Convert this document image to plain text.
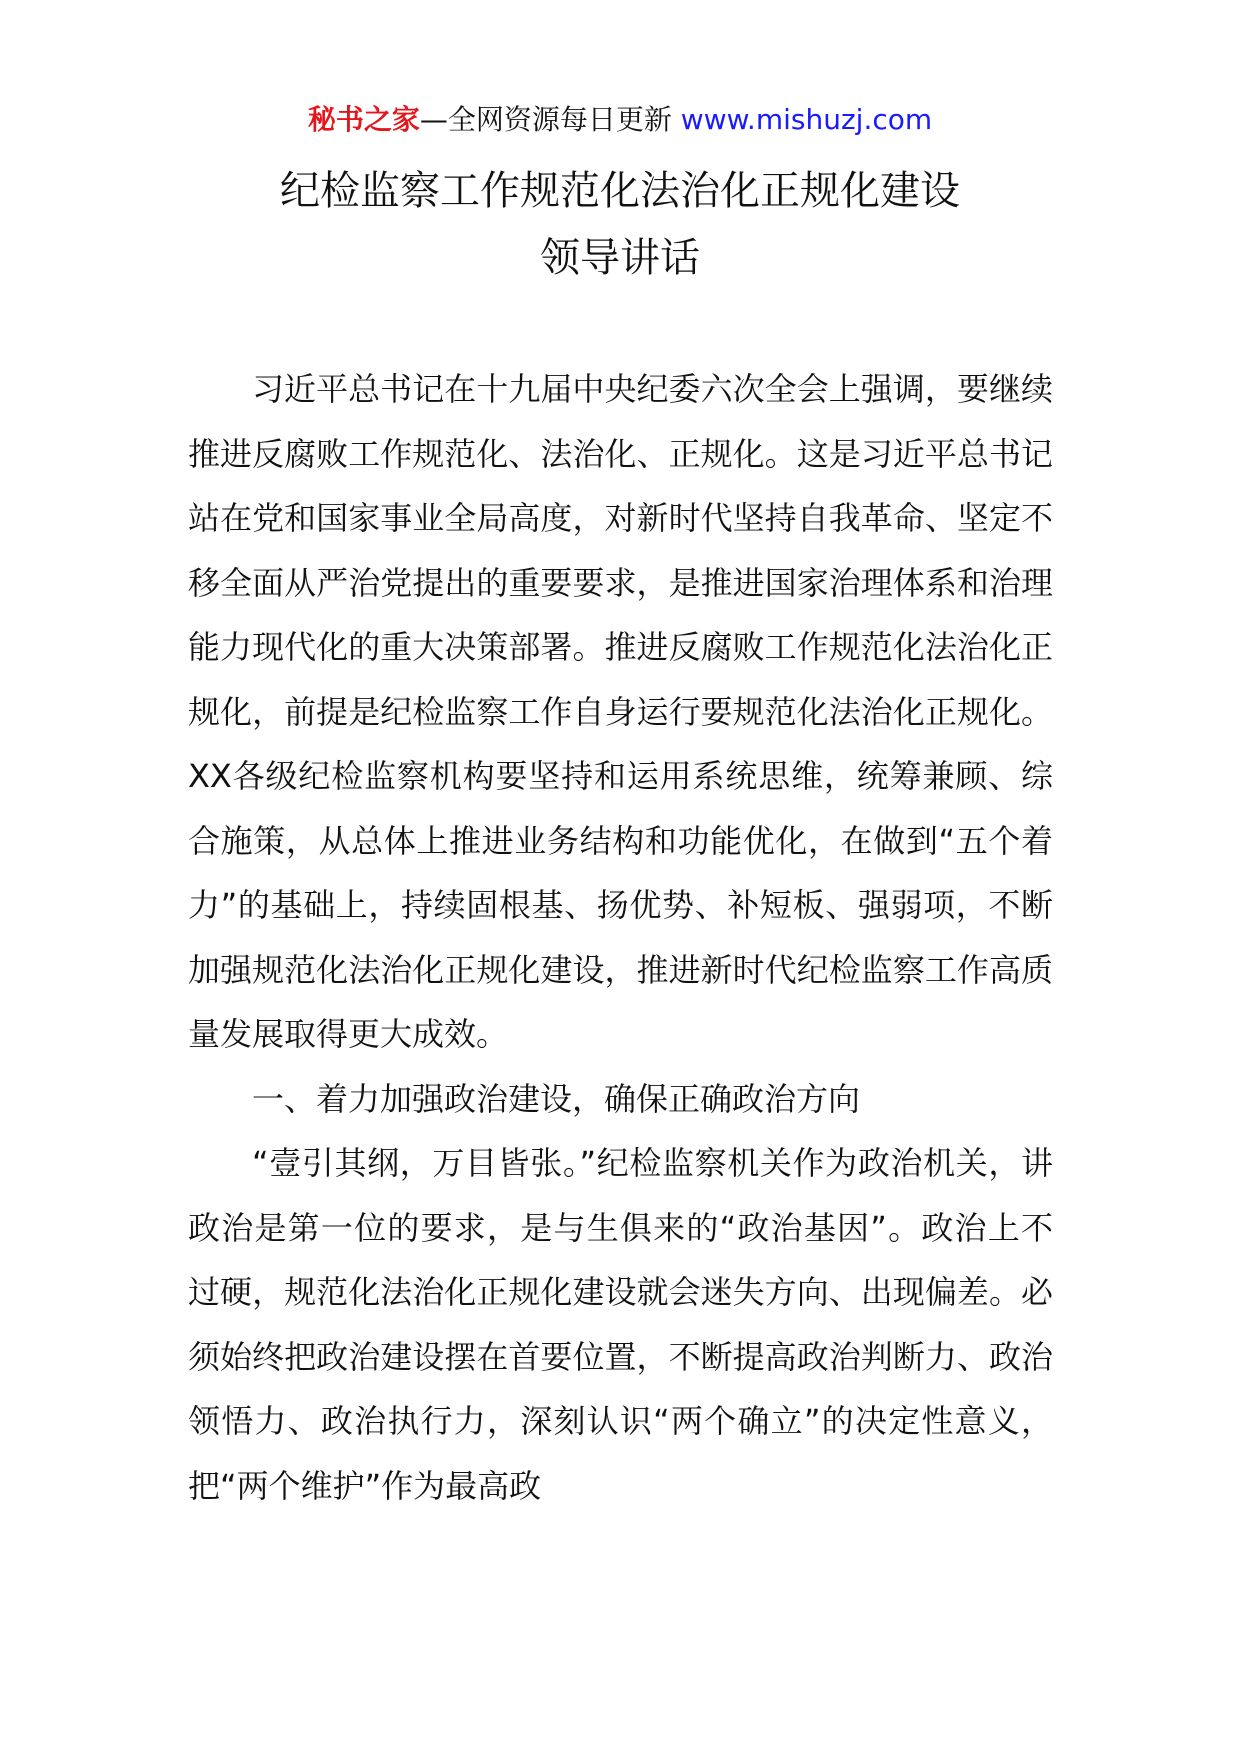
秘书之家—全网资源每日更新 www.mishuzj.com
纪检监察工作规范化法治化正规化建设
领导讲话

习近平总书记在十九届中央纪委六次全会上强调，要继续推进反腐败工作规范化、法治化、正规化。这是习近平总书记站在党和国家事业全局高度，对新时代坚持自我革命、坚定不移全面从严治党提出的重要要求，是推进国家治理体系和治理能力现代化的重大决策部署。推进反腐败工作规范化法治化正规化，前提是纪检监察工作自身运行要规范化法治化正规化。XX各级纪检监察机构要坚持和运用系统思维，统筹兼顾、综合施策，从总体上推进业务结构和功能优化，在做到“五个着力”的基础上，持续固根基、扬优势、补短板、强弱项，不断加强规范化法治化正规化建设，推进新时代纪检监察工作高质量发展取得更大成效。

一、着力加强政治建设，确保正确政治方向

“壹引其纲，万目皆张。”纪检监察机关作为政治机关，讲政治是第一位的要求，是与生俱来的“政治基因”。政治上不过硬，规范化法治化正规化建设就会迷失方向、出现偏差。必须始终把政治建设摆在首要位置，不断提高政治判断力、政治领悟力、政治执行力，深刻认识“两个确立”的决定性意义，把“两个维护”作为最高政
